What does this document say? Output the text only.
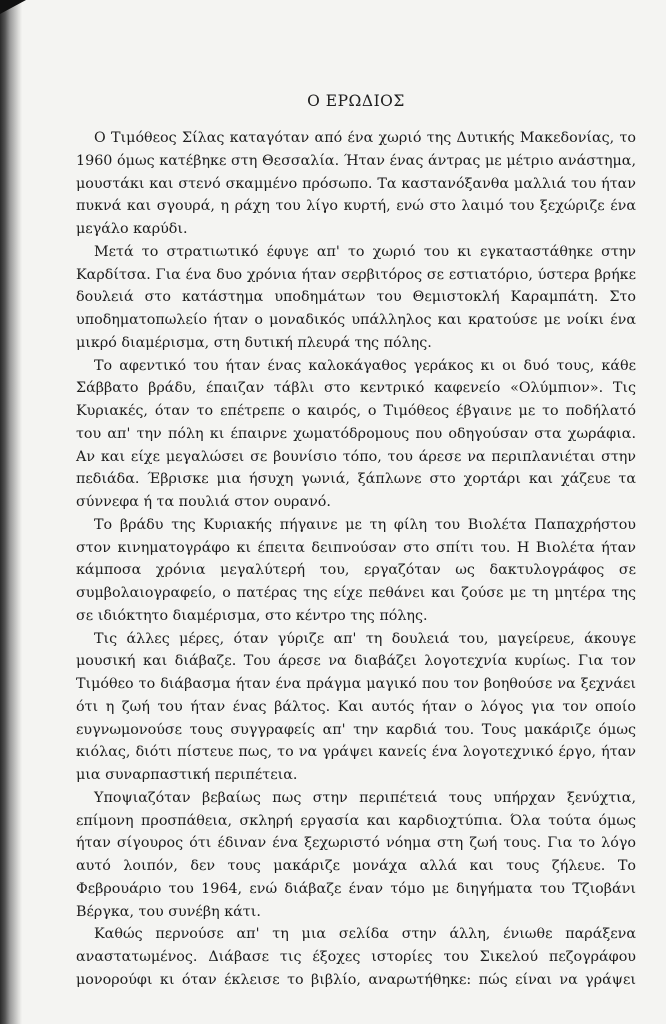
Ο ΕΡΩΔΙΟΣ

Ο Τιμόθεος Σίλας καταγόταν από ένα χωριό της Δυτικής Μακεδονίας, το 1960 όμως κατέβηκε στη Θεσσαλία. Ήταν ένας άντρας με μέτριο ανάστημα, μουστάκι και στενό σκαμμένο πρόσωπο. Τα καστανόξανθα μαλλιά του ήταν πυκνά και σγουρά, η ράχη του λίγο κυρτή, ενώ στο λαιμό του ξεχώριζε ένα μεγάλο καρύδι.

Μετά το στρατιωτικό έφυγε απ' το χωριό του κι εγκαταστάθηκε στην Καρδίτσα. Για ένα δυο χρόνια ήταν σερβιτόρος σε εστιατόριο, ύστερα βρήκε δουλειά στο κατάστημα υποδημάτων του Θεμιστοκλή Καραμπάτη. Στο υποδηματοπωλείο ήταν ο μοναδικός υπάλληλος και κρατούσε με νοίκι ένα μικρό διαμέρισμα, στη δυτική πλευρά της πόλης.

Το αφεντικό του ήταν ένας καλοκάγαθος γεράκος κι οι δυό τους, κάθε Σάββατο βράδυ, έπαιζαν τάβλι στο κεντρικό καφενείο «Ολύμπιον». Τις Κυριακές, όταν το επέτρεπε ο καιρός, ο Τιμόθεος έβγαινε με το ποδήλατό του απ' την πόλη κι έπαιρνε χωματόδρομους που οδηγούσαν στα χωράφια. Αν και είχε μεγαλώσει σε βουνίσιο τόπο, του άρεσε να περιπλανιέται στην πεδιάδα. Έβρισκε μια ήσυχη γωνιά, ξάπλωνε στο χορτάρι και χάζευε τα σύννεφα ή τα πουλιά στον ουρανό.

Το βράδυ της Κυριακής πήγαινε με τη φίλη του Βιολέτα Παπαχρήστου στον κινηματογράφο κι έπειτα δειπνούσαν στο σπίτι του. Η Βιολέτα ήταν κάμποσα χρόνια μεγαλύτερή του, εργαζόταν ως δακτυλογράφος σε συμβολαιογραφείο, ο πατέρας της είχε πεθάνει και ζούσε με τη μητέρα της σε ιδιόκτητο διαμέρισμα, στο κέντρο της πόλης.

Τις άλλες μέρες, όταν γύριζε απ' τη δουλειά του, μαγείρευε, άκουγε μουσική και διάβαζε. Του άρεσε να διαβάζει λογοτεχνία κυρίως. Για τον Τιμόθεο το διάβασμα ήταν ένα πράγμα μαγικό που τον βοηθούσε να ξεχνάει ότι η ζωή του ήταν ένας βάλτος. Και αυτός ήταν ο λόγος για τον οποίο ευγνωμονούσε τους συγγραφείς απ' την καρδιά του. Τους μακάριζε όμως κιόλας, διότι πίστευε πως, το να γράψει κανείς ένα λογοτεχνικό έργο, ήταν μια συναρπαστική περιπέτεια.

Υποψιαζόταν βεβαίως πως στην περιπέτειά τους υπήρχαν ξενύχτια, επίμονη προσπάθεια, σκληρή εργασία και καρδιοχτύπια. Όλα τούτα όμως ήταν σίγουρος ότι έδιναν ένα ξεχωριστό νόημα στη ζωή τους. Για το λόγο αυτό λοιπόν, δεν τους μακάριζε μονάχα αλλά και τους ζήλευε. Το Φεβρουάριο του 1964, ενώ διάβαζε έναν τόμο με διηγήματα του Τζιοβάνι Βέργκα, του συνέβη κάτι.

Καθώς περνούσε απ' τη μια σελίδα στην άλλη, ένιωθε παράξενα αναστατωμένος. Διάβασε τις έξοχες ιστορίες του Σικελού πεζογράφου μονορούφι κι όταν έκλεισε το βιβλίο, αναρωτήθηκε: πώς είναι να γράψει
